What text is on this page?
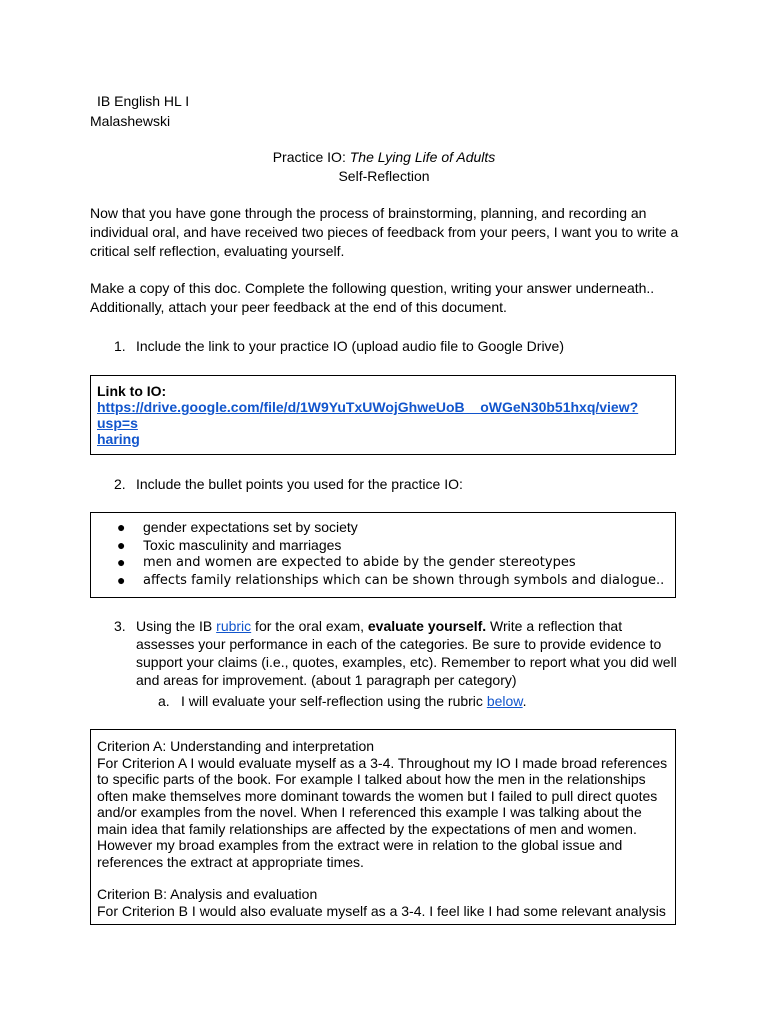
IB English HL I
Malashewski
Practice IO: The Lying Life of Adults
Self-Reflection
Now that you have gone through the process of brainstorming, planning, and recording an individual oral, and have received two pieces of feedback from your peers, I want you to write a critical self reflection, evaluating yourself.
Make a copy of this doc. Complete the following question, writing your answer underneath.. Additionally, attach your peer feedback at the end of this document.
1. Include the link to your practice IO (upload audio file to Google Drive)
Link to IO:
https://drive.google.com/file/d/1W9YuTxUWojGhweUoB__oWGeN30b51hxq/view?usp=s
haring
2. Include the bullet points you used for the practice IO:
● gender expectations set by society
● Toxic masculinity and marriages
● men and women are expected to abide by the gender stereotypes
● affects family relationships which can be shown through symbols and dialogue..
3. Using the IB rubric for the oral exam, evaluate yourself. Write a reflection that assesses your performance in each of the categories. Be sure to provide evidence to support your claims (i.e., quotes, examples, etc). Remember to report what you did well and areas for improvement. (about 1 paragraph per category)
a. I will evaluate your self-reflection using the rubric below.
Criterion A: Understanding and interpretation
For Criterion A I would evaluate myself as a 3-4. Throughout my IO I made broad references to specific parts of the book. For example I talked about how the men in the relationships often make themselves more dominant towards the women but I failed to pull direct quotes and/or examples from the novel. When I referenced this example I was talking about the main idea that family relationships are affected by the expectations of men and women. However my broad examples from the extract were in relation to the global issue and references the extract at appropriate times.
Criterion B: Analysis and evaluation
For Criterion B I would also evaluate myself as a 3-4. I feel like I had some relevant analysis
